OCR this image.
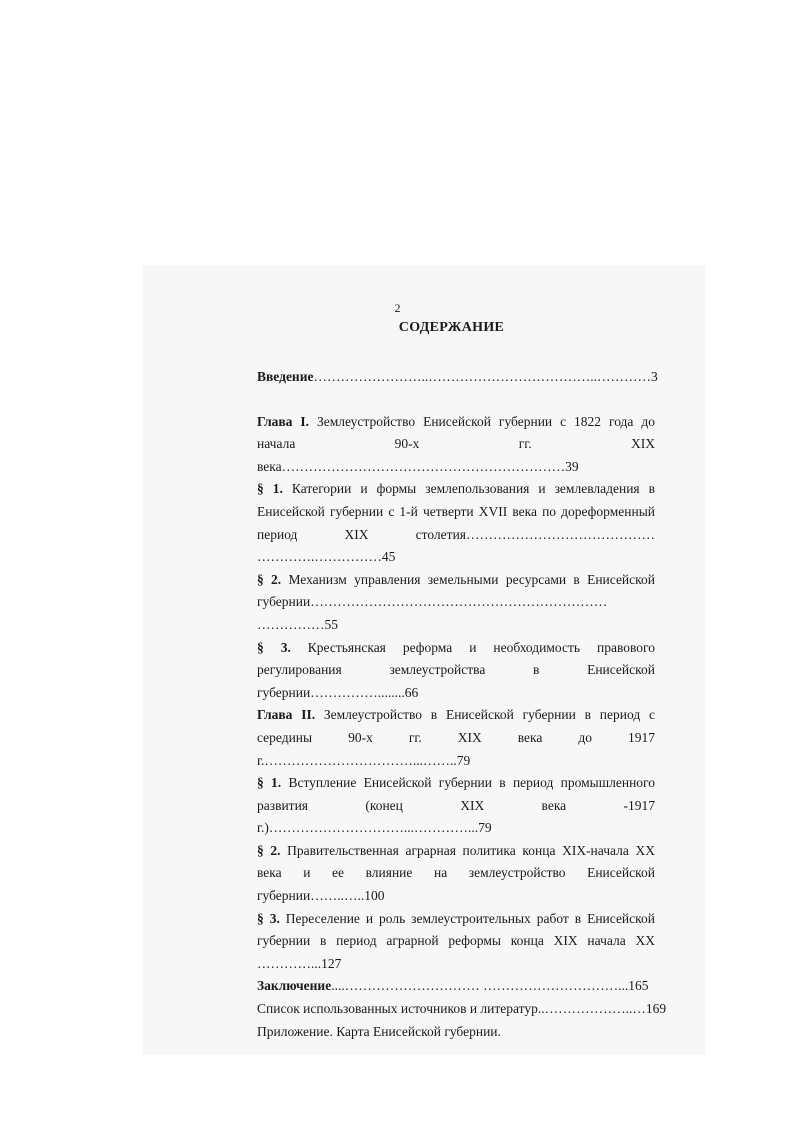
2
СОДЕРЖАНИЕ
Введение……………………..………………………………..…………3
Глава I. Землеустройство Енисейской губернии с 1822 года до начала 90-х гг. XIX века………………………………………………………39
§ 1. Категории и формы землепользования и землевладения в Енисейской губернии с 1-й четверти XVII века по дореформенный период XIX столетия…………………………………… ………….……………45
§ 2. Механизм управления земельными ресурсами в Енисейской губернии………………………………………………………… ……………55
§ 3. Крестьянская реформа и необходимость правового регулирования землеустройства в Енисейской губернии……………........66
Глава II. Землеустройство в Енисейской губернии в период с середины 90-х гг. XIX века до 1917 г.……………………………...……..79
§ 1. Вступление Енисейской губернии в период промышленного развития (конец XIX века -1917 г.)…………………………...…………...79
§ 2. Правительственная аграрная политика конца XIX-начала XX века и ее влияние на землеустройство Енисейской губернии……..…..100
§ 3. Переселение и роль землеустроительных работ в Енисейской губернии в период аграрной реформы конца XIX начала XX …………...127
Заключение....………………………… …………………………...165
Список использованных источников и литератур..………………..…169
Приложение. Карта Енисейской губернии.
